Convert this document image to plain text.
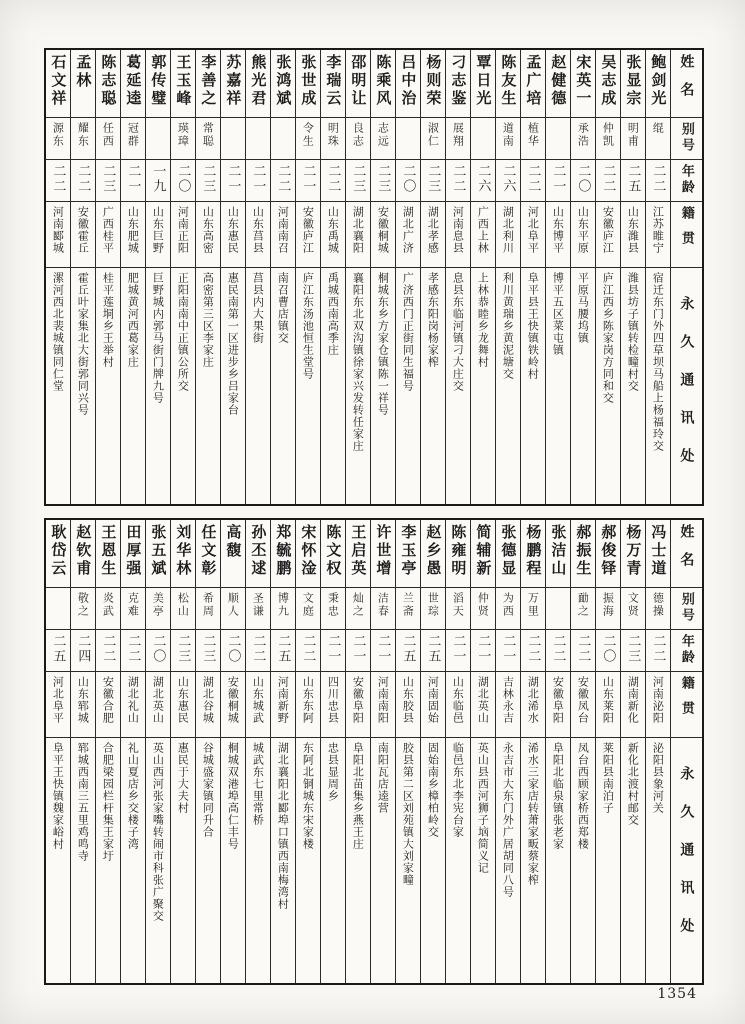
姓名
别号
年龄
籍贯
永久通讯处
鲍剑光
绲
二二
江苏睢宁
宿迁东门外四草坝马船上杨福玲交
张显宗
明甫
二五
山东潍县
潍县坊子镇转检疃村交
吴志成
仲凯
二二
安徽庐江
庐江西乡陈家岗方同和交
宋英一
承浩
二〇
山东平原
平原马腰坞镇
赵健德
二一
山东博平
博平五区菜屯镇
孟广培
植华
二二
河北阜平
阜平县王快镇铁岭村
陈友生
道南
二六
湖北利川
利川黄瑞乡黄泥塘交
覃日光
二六
广西上林
上林恭睦乡龙舞村
刁志鉴
展翔
二二
河南息县
息县东临河镇刁大庄交
杨则荣
淑仁
二三
湖北孝感
孝感东阳岗杨家榨
吕中治
二〇
湖北广济
广济西门正街同生福号
陈乘风
志远
二三
安徽桐城
桐城东乡方家仓镇陈一祥号
邵明让
良志
二三
湖北襄阳
襄阳东北双沟镇徐家兴发转任家庄
李瑞云
明珠
二二
山东禹城
禹城西南高季庄
张世成
令生
二一
安徽庐江
庐江东汤池恒生堂号
张鸿斌
二二
河南南召
南召曹店镇交
熊光君
二一
山东莒县
莒县内大果街
苏嘉祥
二一
山东惠民
惠民南第一区进步乡吕家台
李善之
常聪
二三
山东高密
高密第三区李家庄
王玉峰
瑛璋
二〇
河南正阳
正阳南南中正镇公所交
郭传璧
一九
山东巨野
巨野城内郭马街门牌九号
葛延逵
冠群
二一
山东肥城
肥城黄河西葛家庄
陈志聪
任西
二三
广西桂平
桂平莲垌乡王举村
孟林
耀东
二二
安徽霍丘
霍丘叶家集北大街郭同兴号
石文祥
源东
二二
河南郾城
漯河西北裴城镇同仁堂
姓名
别号
年龄
籍贯
永久通讯处
冯士道
德操
二二
河南泌阳
泌阳县象河关
杨万青
文贤
二三
湖南新化
新化北渡村邮交
郝俊铎
振海
二〇
山东莱阳
莱阳县南泊子
郝振生
勔之
二二
安徽凤台
凤台西顾家桥西郑楼
张洁山
二二
安徽阜阳
阜阳北临泉镇张老家
杨鹏程
万里
二二
湖北浠水
浠水三家店转萧家畈蔡家榨
张德显
为西
二一
吉林永吉
永吉市大东门外广居胡同八号
简辅新
仲贤
二一
湖北英山
英山县西河狮子垴简义记
陈雍明
滔天
二一
山东临邑
临邑东北李宪台家
赵乡愚
世琮
二五
河南固始
固始南乡樟柏岭交
李玉亭
兰斋
二五
山东胶县
胶县第二区刘苑镇大刘家疃
许世增
洁春
二一
河南南阳
南阳瓦店逵营
王启英
灿之
二一
安徽阜阳
阜阳北苗集乡燕王庄
陈文权
秉忠
二一
四川忠县
忠县显周乡
宋怀淦
文庭
二二
山东东阿
东阿北铜城东宋家楼
郑毓鹏
博九
二五
河南新野
湖北襄阳北郾埠口镇西南梅湾村
孙丕逑
圣谦
二二
山东城武
城武东七里常桥
高馥
顺人
二〇
安徽桐城
桐城双港埠高仁丰号
任文彰
希周
二三
湖北谷城
谷城盛家镇同升合
刘华林
松山
二三
山东惠民
惠民于大夫村
张五斌
美亭
二〇
湖北英山
英山西河张家嘴转闹市科张广聚交
田厚强
克难
二二
湖北礼山
礼山夏店乡交楼子湾
王恩生
炎武
二二
安徽合肥
合肥梁园栏杆集王家圩
赵钦甫
敬之
二四
山东郓城
郓城西南三五里鸡鸣寺
耿岱云
二五
河北阜平
阜平王快镇魏家峪村
1354
